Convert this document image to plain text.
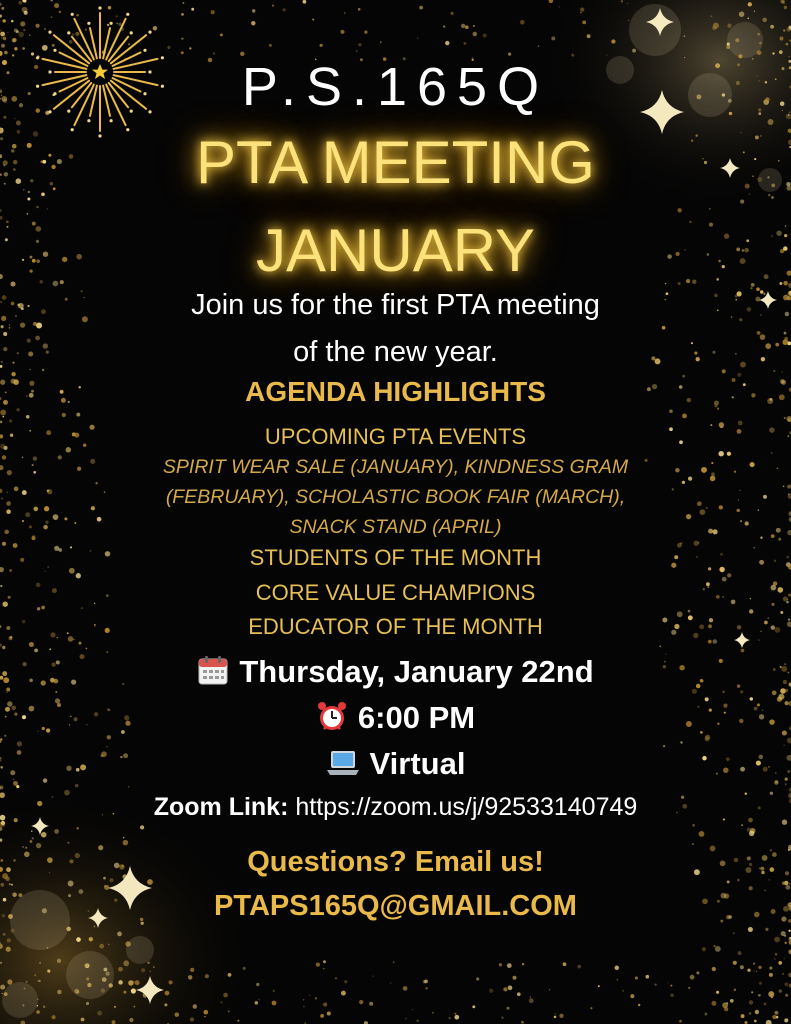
P.S.165Q

PTA MEETING

JANUARY

Join us for the first PTA meeting

of the new year.

AGENDA HIGHLIGHTS

UPCOMING PTA EVENTS

SPIRIT WEAR SALE (JANUARY), KINDNESS GRAM

(FEBRUARY), SCHOLASTIC BOOK FAIR (MARCH),

SNACK STAND (APRIL)

STUDENTS OF THE MONTH

CORE VALUE CHAMPIONS

EDUCATOR OF THE MONTH

Thursday, January 22nd

6:00 PM

Virtual

Zoom Link: https://zoom.us/j/92533140749

Questions? Email us!

PTAPS165Q@GMAIL.COM
